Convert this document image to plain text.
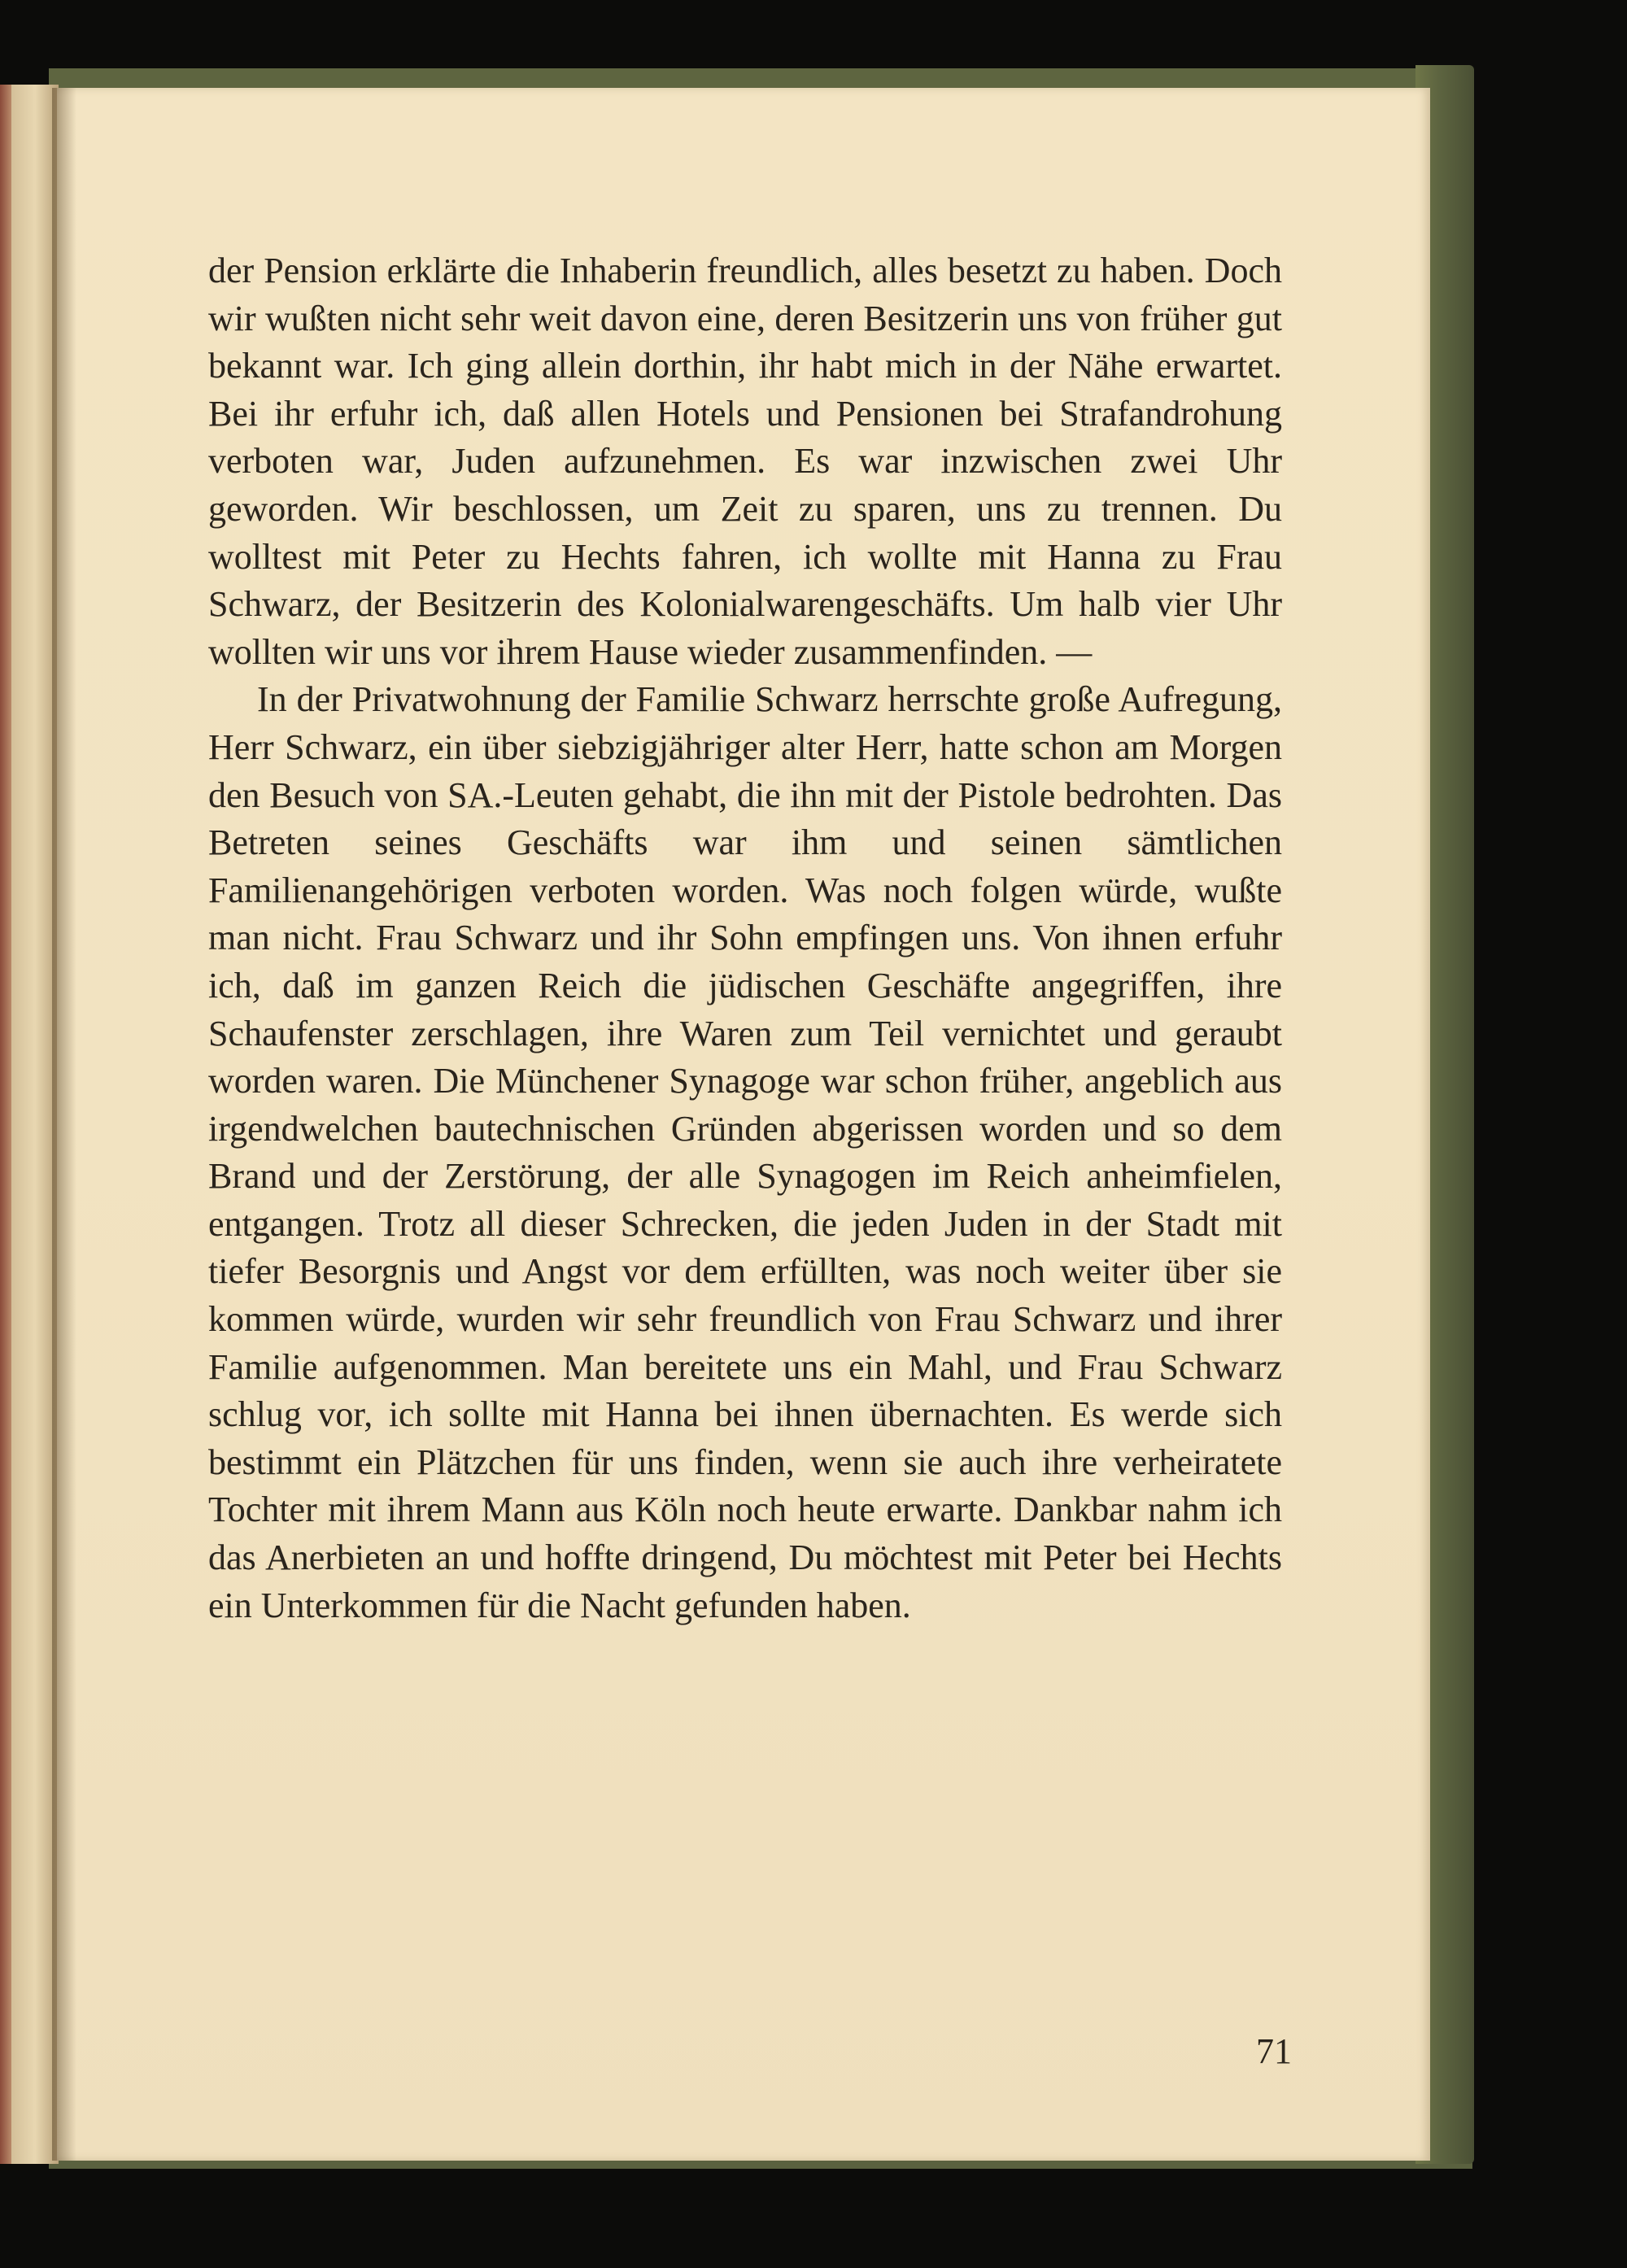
der Pension erklärte die Inhaberin freundlich, alles besetzt zu haben. Doch wir wußten nicht sehr weit davon eine, deren Besitzerin uns von früher gut bekannt war. Ich ging allein dorthin, ihr habt mich in der Nähe erwartet. Bei ihr erfuhr ich, daß allen Hotels und Pensionen bei Strafandrohung verboten war, Juden aufzunehmen. Es war inzwischen zwei Uhr geworden. Wir beschlossen, um Zeit zu sparen, uns zu trennen. Du wolltest mit Peter zu Hechts fahren, ich wollte mit Hanna zu Frau Schwarz, der Besitzerin des Kolonialwarengeschäfts. Um halb vier Uhr wollten wir uns vor ihrem Hause wieder zusammenfinden. —

In der Privatwohnung der Familie Schwarz herrschte große Aufregung, Herr Schwarz, ein über siebzigjähriger alter Herr, hatte schon am Morgen den Besuch von SA.-Leuten gehabt, die ihn mit der Pistole bedrohten. Das Betreten seines Geschäfts war ihm und seinen sämtlichen Familienangehörigen verboten worden. Was noch folgen würde, wußte man nicht. Frau Schwarz und ihr Sohn empfingen uns. Von ihnen erfuhr ich, daß im ganzen Reich die jüdischen Geschäfte angegriffen, ihre Schaufenster zerschlagen, ihre Waren zum Teil vernichtet und geraubt worden waren. Die Münchener Synagoge war schon früher, angeblich aus irgendwelchen bautechnischen Gründen abgerissen worden und so dem Brand und der Zerstörung, der alle Synagogen im Reich anheimfielen, entgangen. Trotz all dieser Schrecken, die jeden Juden in der Stadt mit tiefer Besorgnis und Angst vor dem erfüllten, was noch weiter über sie kommen würde, wurden wir sehr freundlich von Frau Schwarz und ihrer Familie aufgenommen. Man bereitete uns ein Mahl, und Frau Schwarz schlug vor, ich sollte mit Hanna bei ihnen übernachten. Es werde sich bestimmt ein Plätzchen für uns finden, wenn sie auch ihre verheiratete Tochter mit ihrem Mann aus Köln noch heute erwarte. Dankbar nahm ich das Anerbieten an und hoffte dringend, Du möchtest mit Peter bei Hechts ein Unterkommen für die Nacht gefunden haben.

71
